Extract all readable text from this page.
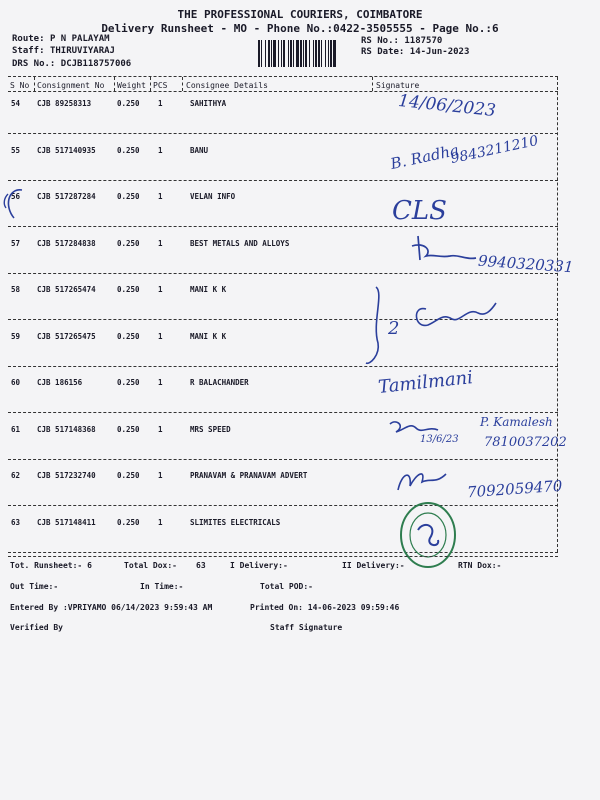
THE PROFESSIONAL COURIERS, COIMBATORE
Delivery Runsheet - MO - Phone No.:0422-3505555 - Page No.:6
Route: P N PALAYAM
Staff: THIRUVIYARAJ
DRS No.: DCJB118757006
RS No.: 1187570
RS Date: 14-Jun-2023
S No Consignment No Weight PCS Consignee Details	Signature
54 CJB 89258313	0.250 1	SAHITHYA
55 CJB 517140935	0.250 1	BANU
56 CJB 517287284	0.250 1	VELAN INFO
57 CJB 517284838	0.250 1	BEST METALS AND ALLOYS
58 CJB 517265474	0.250 1	MANI K K
59 CJB 517265475	0.250 1	MANI K K
60 CJB 186156	0.250 1	R BALACHANDER
61 CJB 517148368	0.250 1	MRS SPEED
62 CJB 517232740	0.250 1	PRANAVAM & PRANAVAM ADVERT
63 CJB 517148411	0.250 1	SLIMITES ELECTRICALS
14/06/2023
B. Radha
9843211210
CLS
9940320331
2
Tamilmani
P. Kamalesh
7810037202
13/6/23
7092059470
Tot. Runsheet:- 6	Total Dox:- 63	I Delivery:-	II Delivery:-	RTN Dox:-
Out Time:-	In Time:-	Total POD:-
Entered By :VPRIYAMO 06/14/2023 9:59:43 AM	Printed On: 14-06-2023 09:59:46
Verified By	Staff Signature
